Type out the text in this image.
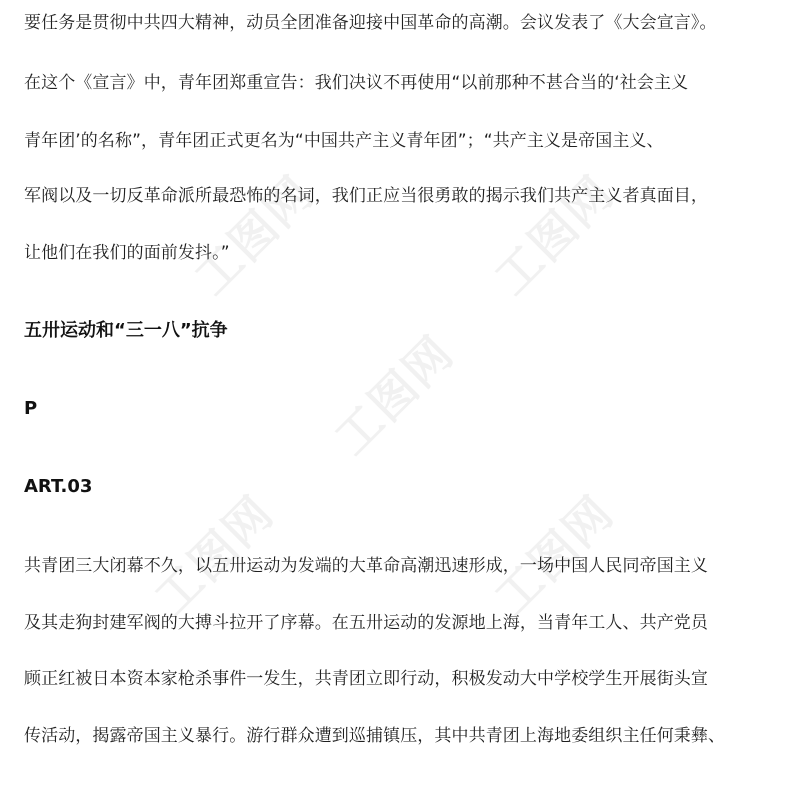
工图网	工图网
工图网
工图网
工图网
要任务是贯彻中共四大精神，动员全团准备迎接中国革命的高潮。会议发表了《大会宣言》。
在这个《宣言》中，青年团郑重宣告：我们决议不再使用“以前那种不甚合当的‘社会主义
青年团’的名称”，青年团正式更名为“中国共产主义青年团”；“共产主义是帝国主义、
军阀以及一切反革命派所最恐怖的名词，我们正应当很勇敢的揭示我们共产主义者真面目，
让他们在我们的面前发抖。”
五卅运动和“三一八”抗争
P
ART.03
共青团三大闭幕不久，以五卅运动为发端的大革命高潮迅速形成，一场中国人民同帝国主义
及其走狗封建军阀的大搏斗拉开了序幕。在五卅运动的发源地上海，当青年工人、共产党员
顾正红被日本资本家枪杀事件一发生，共青团立即行动，积极发动大中学校学生开展街头宣
传活动，揭露帝国主义暴行。游行群众遭到巡捕镇压，其中共青团上海地委组织主任何秉彝、
